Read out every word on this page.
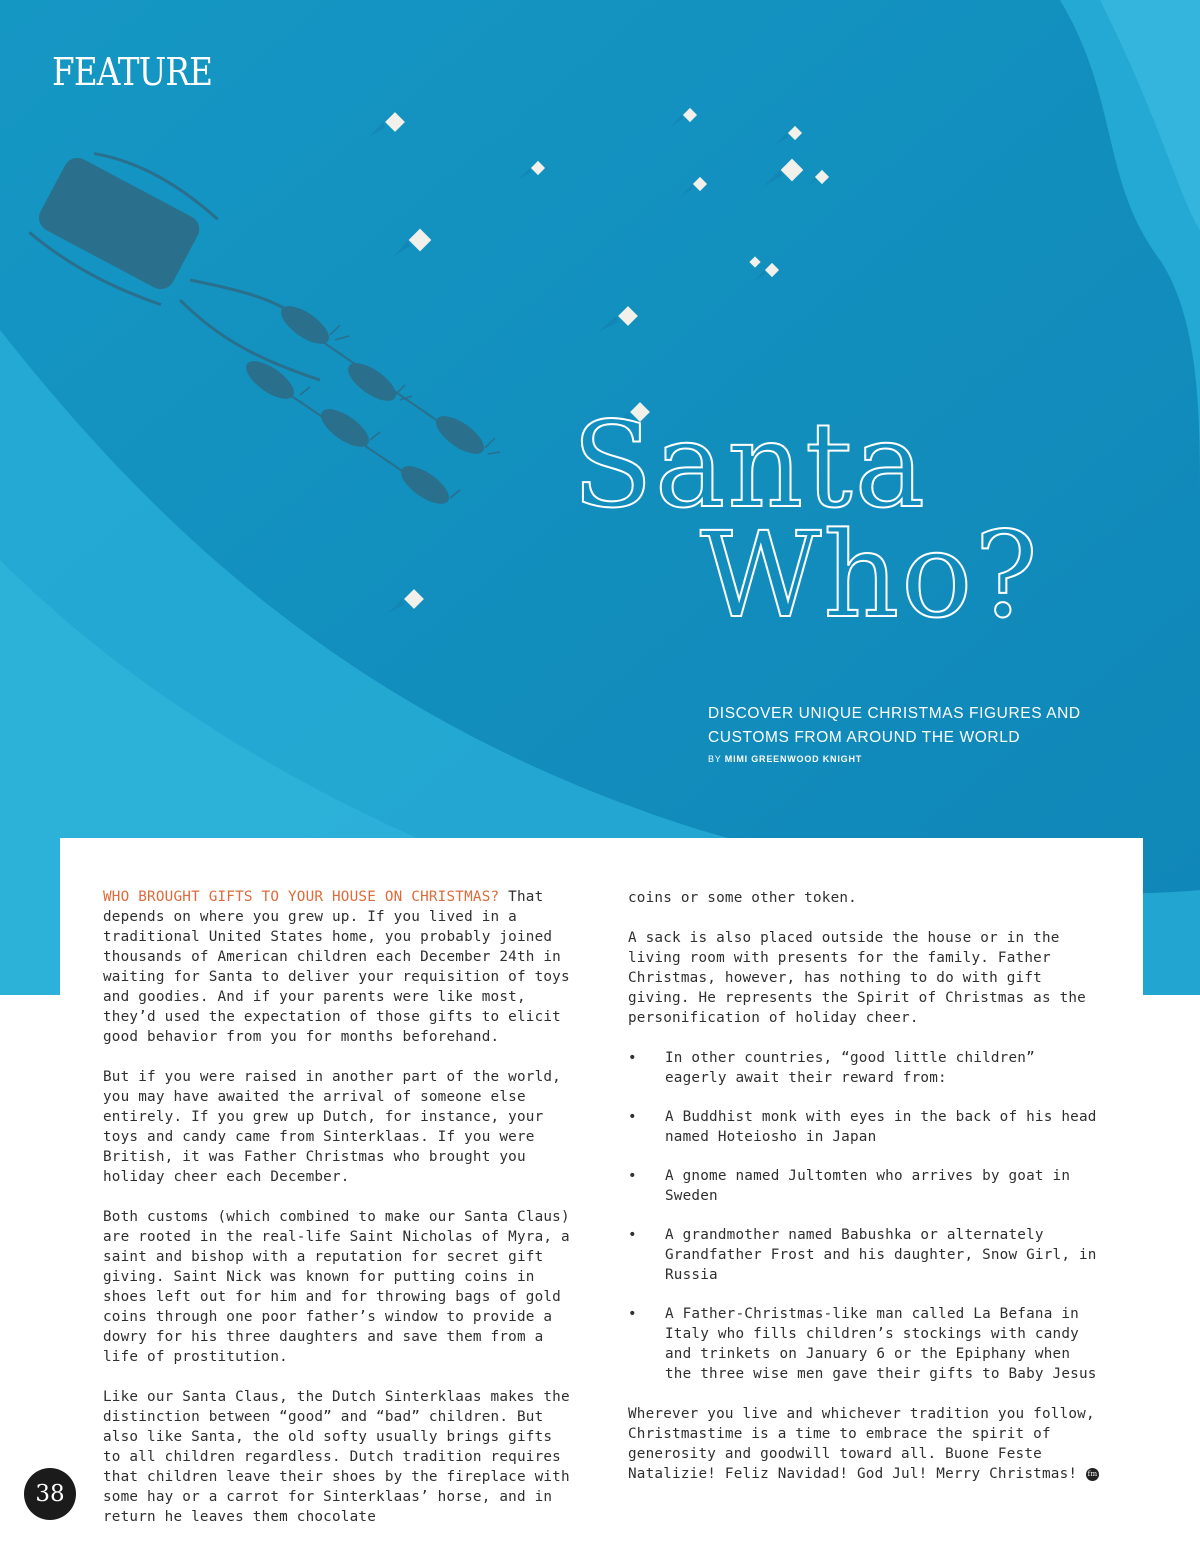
FEATURE
Santa
Who?
DISCOVER UNIQUE CHRISTMAS FIGURES AND CUSTOMS FROM AROUND THE WORLD
BY MIMI GREENWOOD KNIGHT

WHO BROUGHT GIFTS TO YOUR HOUSE ON CHRISTMAS? That depends on where you grew up. If you lived in a traditional United States home, you probably joined thousands of American children each December 24th in waiting for Santa to deliver your requisition of toys and goodies. And if your parents were like most, they’d used the expectation of those gifts to elicit good behavior from you for months beforehand.

But if you were raised in another part of the world, you may have awaited the arrival of someone else entirely. If you grew up Dutch, for instance, your toys and candy came from Sinterklaas. If you were British, it was Father Christmas who brought you holiday cheer each December.

Both customs (which combined to make our Santa Claus) are rooted in the real-life Saint Nicholas of Myra, a saint and bishop with a reputation for secret gift giving. Saint Nick was known for putting coins in shoes left out for him and for throwing bags of gold coins through one poor father’s window to provide a dowry for his three daughters and save them from a life of prostitution.

Like our Santa Claus, the Dutch Sinterklaas makes the distinction between “good” and “bad” children. But also like Santa, the old softy usually brings gifts to all children regardless. Dutch tradition requires that children leave their shoes by the fireplace with some hay or a carrot for Sinterklaas’ horse, and in return he leaves them chocolate

coins or some other token.

A sack is also placed outside the house or in the living room with presents for the family. Father Christmas, however, has nothing to do with gift giving. He represents the Spirit of Christmas as the personification of holiday cheer.

• In other countries, “good little children” eagerly await their reward from:
• A Buddhist monk with eyes in the back of his head named Hoteiosho in Japan
• A gnome named Jultomten who arrives by goat in Sweden
• A grandmother named Babushka or alternately Grandfather Frost and his daughter, Snow Girl, in Russia
• A Father-Christmas-like man called La Befana in Italy who fills children’s stockings with candy and trinkets on January 6 or the Epiphany when the three wise men gave their gifts to Baby Jesus

Wherever you live and whichever tradition you follow, Christmastime is a time to embrace the spirit of generosity and goodwill toward all. Buone Feste Natalizie! Feliz Navidad! God Jul! Merry Christmas! fm

38
